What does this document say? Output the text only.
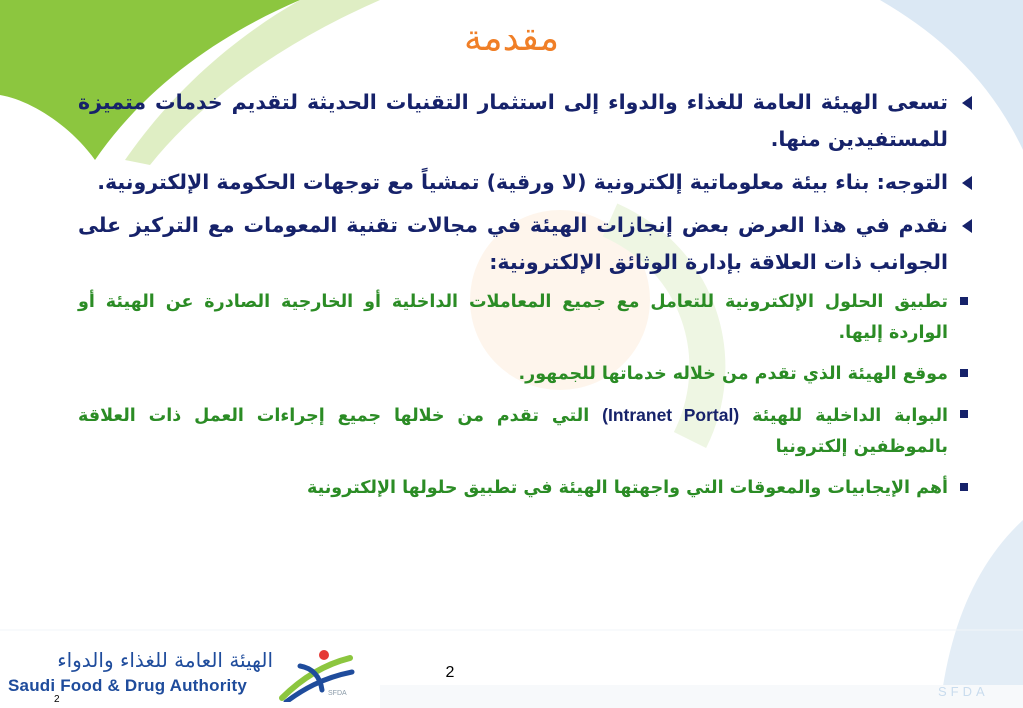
مقدمة
تسعى الهيئة العامة للغذاء والدواء إلى استثمار التقنيات الحديثة لتقديم خدمات متميزة للمستفيدين منها.
التوجه: بناء بيئة معلوماتية إلكترونية (لا ورقية) تمشياً مع توجهات الحكومة الإلكترونية.
نقدم في هذا العرض بعض إنجازات الهيئة في مجالات تقنية المعومات مع التركيز على الجوانب ذات العلاقة بإدارة الوثائق الإلكترونية:
تطبيق الحلول الإلكترونية للتعامل مع جميع المعاملات الداخلية أو الخارجية الصادرة عن الهيئة أو الواردة إليها.
موقع الهيئة الذي تقدم من خلاله خدماتها للجمهور.
البوابة الداخلية للهيئة (Intranet Portal) التي تقدم من خلالها جميع إجراءات العمل ذات العلاقة بالموظفين إلكترونيا
أهم الإيجابيات والمعوقات التي واجهتها الهيئة في تطبيق حلولها الإلكترونية
الهيئة العامة للغذاء والدواء
Saudi Food & Drug Authority	SFDA
2
2
SFDA
